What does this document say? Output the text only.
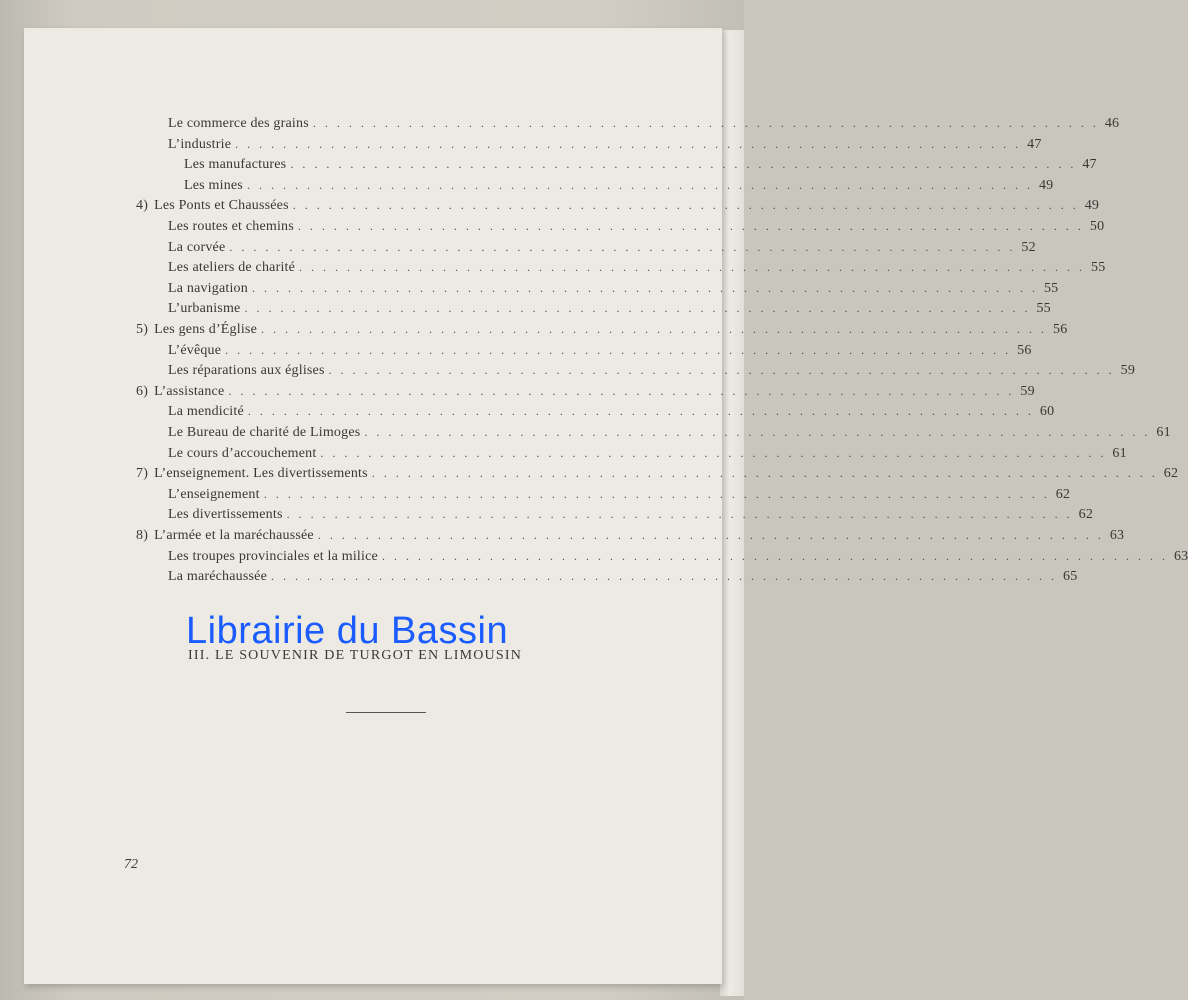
Le commerce des grains . . . . . . . . . . . . . . . . . . . . . . . . . . . . . . . . . . . . . . . . . . . . . . . . . . . . . . . . . . . . . . . . . . 46
L’industrie . . . . . . . . . . . . . . . . . . . . . . . . . . . . . . . . . . . . . . . . . . . . . . . . . . . . . . . . . . . . . . . . . . 47
Les manufactures . . . . . . . . . . . . . . . . . . . . . . . . . . . . . . . . . . . . . . . . . . . . . . . . . . . . . . . . . . . . . . . . . . 47
Les mines . . . . . . . . . . . . . . . . . . . . . . . . . . . . . . . . . . . . . . . . . . . . . . . . . . . . . . . . . . . . . . . . . . 49
4) Les Ponts et Chaussées . . . . . . . . . . . . . . . . . . . . . . . . . . . . . . . . . . . . . . . . . . . . . . . . . . . . . . . . . . . . . . . . . . 49
Les routes et chemins . . . . . . . . . . . . . . . . . . . . . . . . . . . . . . . . . . . . . . . . . . . . . . . . . . . . . . . . . . . . . . . . . . 50
La corvée . . . . . . . . . . . . . . . . . . . . . . . . . . . . . . . . . . . . . . . . . . . . . . . . . . . . . . . . . . . . . . . . . . 52
Les ateliers de charité . . . . . . . . . . . . . . . . . . . . . . . . . . . . . . . . . . . . . . . . . . . . . . . . . . . . . . . . . . . . . . . . . . 55
La navigation . . . . . . . . . . . . . . . . . . . . . . . . . . . . . . . . . . . . . . . . . . . . . . . . . . . . . . . . . . . . . . . . . . 55
L’urbanisme . . . . . . . . . . . . . . . . . . . . . . . . . . . . . . . . . . . . . . . . . . . . . . . . . . . . . . . . . . . . . . . . . . 55
5) Les gens d’Église . . . . . . . . . . . . . . . . . . . . . . . . . . . . . . . . . . . . . . . . . . . . . . . . . . . . . . . . . . . . . . . . . . 56
L’évêque . . . . . . . . . . . . . . . . . . . . . . . . . . . . . . . . . . . . . . . . . . . . . . . . . . . . . . . . . . . . . . . . . . 56
Les réparations aux églises . . . . . . . . . . . . . . . . . . . . . . . . . . . . . . . . . . . . . . . . . . . . . . . . . . . . . . . . . . . . . . . . . . 59
6) L’assistance . . . . . . . . . . . . . . . . . . . . . . . . . . . . . . . . . . . . . . . . . . . . . . . . . . . . . . . . . . . . . . . . . . 59
La mendicité . . . . . . . . . . . . . . . . . . . . . . . . . . . . . . . . . . . . . . . . . . . . . . . . . . . . . . . . . . . . . . . . . . 60
Le Bureau de charité de Limoges . . . . . . . . . . . . . . . . . . . . . . . . . . . . . . . . . . . . . . . . . . . . . . . . . . . . . . . . . . . . . . . . . . 61
Le cours d’accouchement . . . . . . . . . . . . . . . . . . . . . . . . . . . . . . . . . . . . . . . . . . . . . . . . . . . . . . . . . . . . . . . . . . 61
7) L’enseignement. Les divertissements . . . . . . . . . . . . . . . . . . . . . . . . . . . . . . . . . . . . . . . . . . . . . . . . . . . . . . . . . . . . . . . . . . 62
L’enseignement . . . . . . . . . . . . . . . . . . . . . . . . . . . . . . . . . . . . . . . . . . . . . . . . . . . . . . . . . . . . . . . . . . 62
Les divertissements . . . . . . . . . . . . . . . . . . . . . . . . . . . . . . . . . . . . . . . . . . . . . . . . . . . . . . . . . . . . . . . . . . 62
8) L’armée et la maréchaussée . . . . . . . . . . . . . . . . . . . . . . . . . . . . . . . . . . . . . . . . . . . . . . . . . . . . . . . . . . . . . . . . . . 63
Les troupes provinciales et la milice . . . . . . . . . . . . . . . . . . . . . . . . . . . . . . . . . . . . . . . . . . . . . . . . . . . . . . . . . . . . . . . . . . 63
La maréchaussée . . . . . . . . . . . . . . . . . . . . . . . . . . . . . . . . . . . . . . . . . . . . . . . . . . . . . . . . . . . . . . . . . . 65
III. LE SOUVENIR DE TURGOT EN LIMOUSIN
72
Librairie du Bassin
